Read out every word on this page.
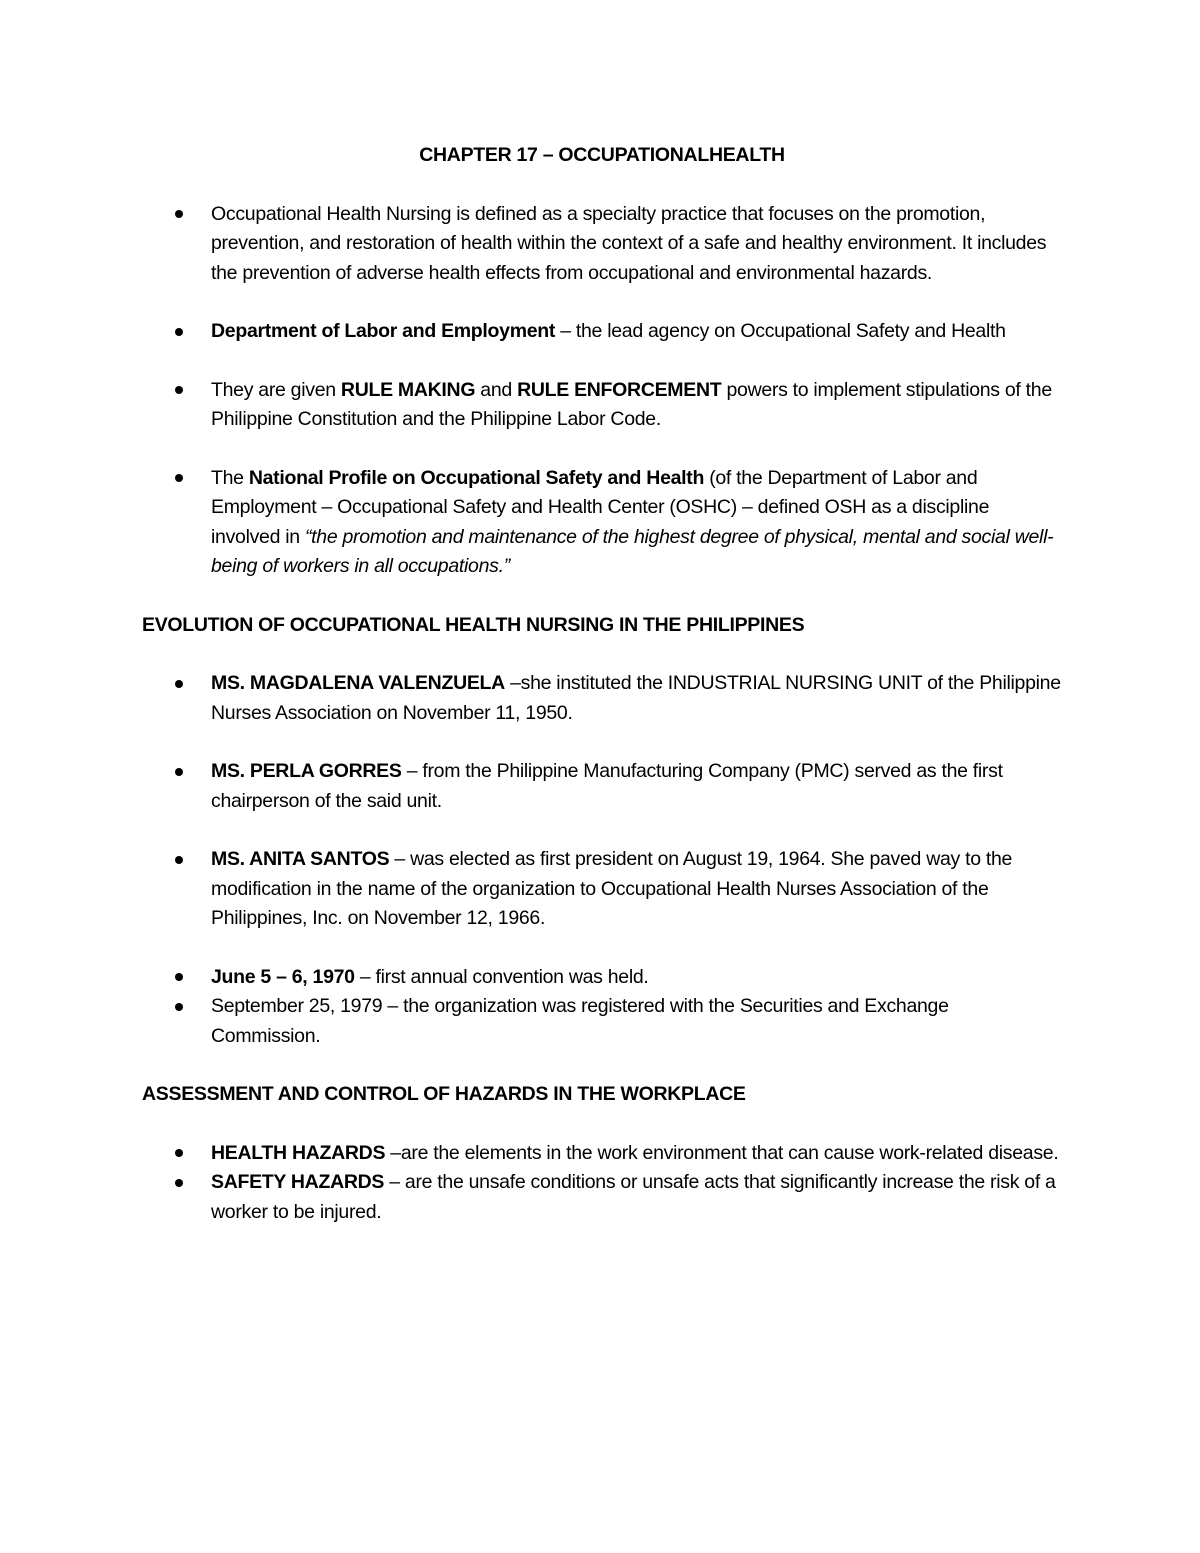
CHAPTER 17 – OCCUPATIONALHEALTH
Occupational Health Nursing is defined as a specialty practice that focuses on the promotion, prevention, and restoration of health within the context of a safe and healthy environment. It includes the prevention of adverse health effects from occupational and environmental hazards.
Department of Labor and Employment – the lead agency on Occupational Safety and Health
They are given RULE MAKING and RULE ENFORCEMENT powers to implement stipulations of the Philippine Constitution and the Philippine Labor Code.
The National Profile on Occupational Safety and Health (of the Department of Labor and Employment – Occupational Safety and Health Center (OSHC) – defined OSH as a discipline involved in “the promotion and maintenance of the highest degree of physical, mental and social well-being of workers in all occupations.”
EVOLUTION OF OCCUPATIONAL HEALTH NURSING IN THE PHILIPPINES
MS. MAGDALENA VALENZUELA –she instituted the INDUSTRIAL NURSING UNIT of the Philippine Nurses Association on November 11, 1950.
MS. PERLA GORRES – from the Philippine Manufacturing Company (PMC) served as the first chairperson of the said unit.
MS. ANITA SANTOS – was elected as first president on August 19, 1964. She paved way to the modification in the name of the organization to Occupational Health Nurses Association of the Philippines, Inc. on November 12, 1966.
June 5 – 6, 1970 – first annual convention was held.
September 25, 1979 – the organization was registered with the Securities and Exchange Commission.
ASSESSMENT AND CONTROL OF HAZARDS IN THE WORKPLACE
HEALTH HAZARDS –are the elements in the work environment that can cause work-related disease.
SAFETY HAZARDS – are the unsafe conditions or unsafe acts that significantly increase the risk of a worker to be injured.
